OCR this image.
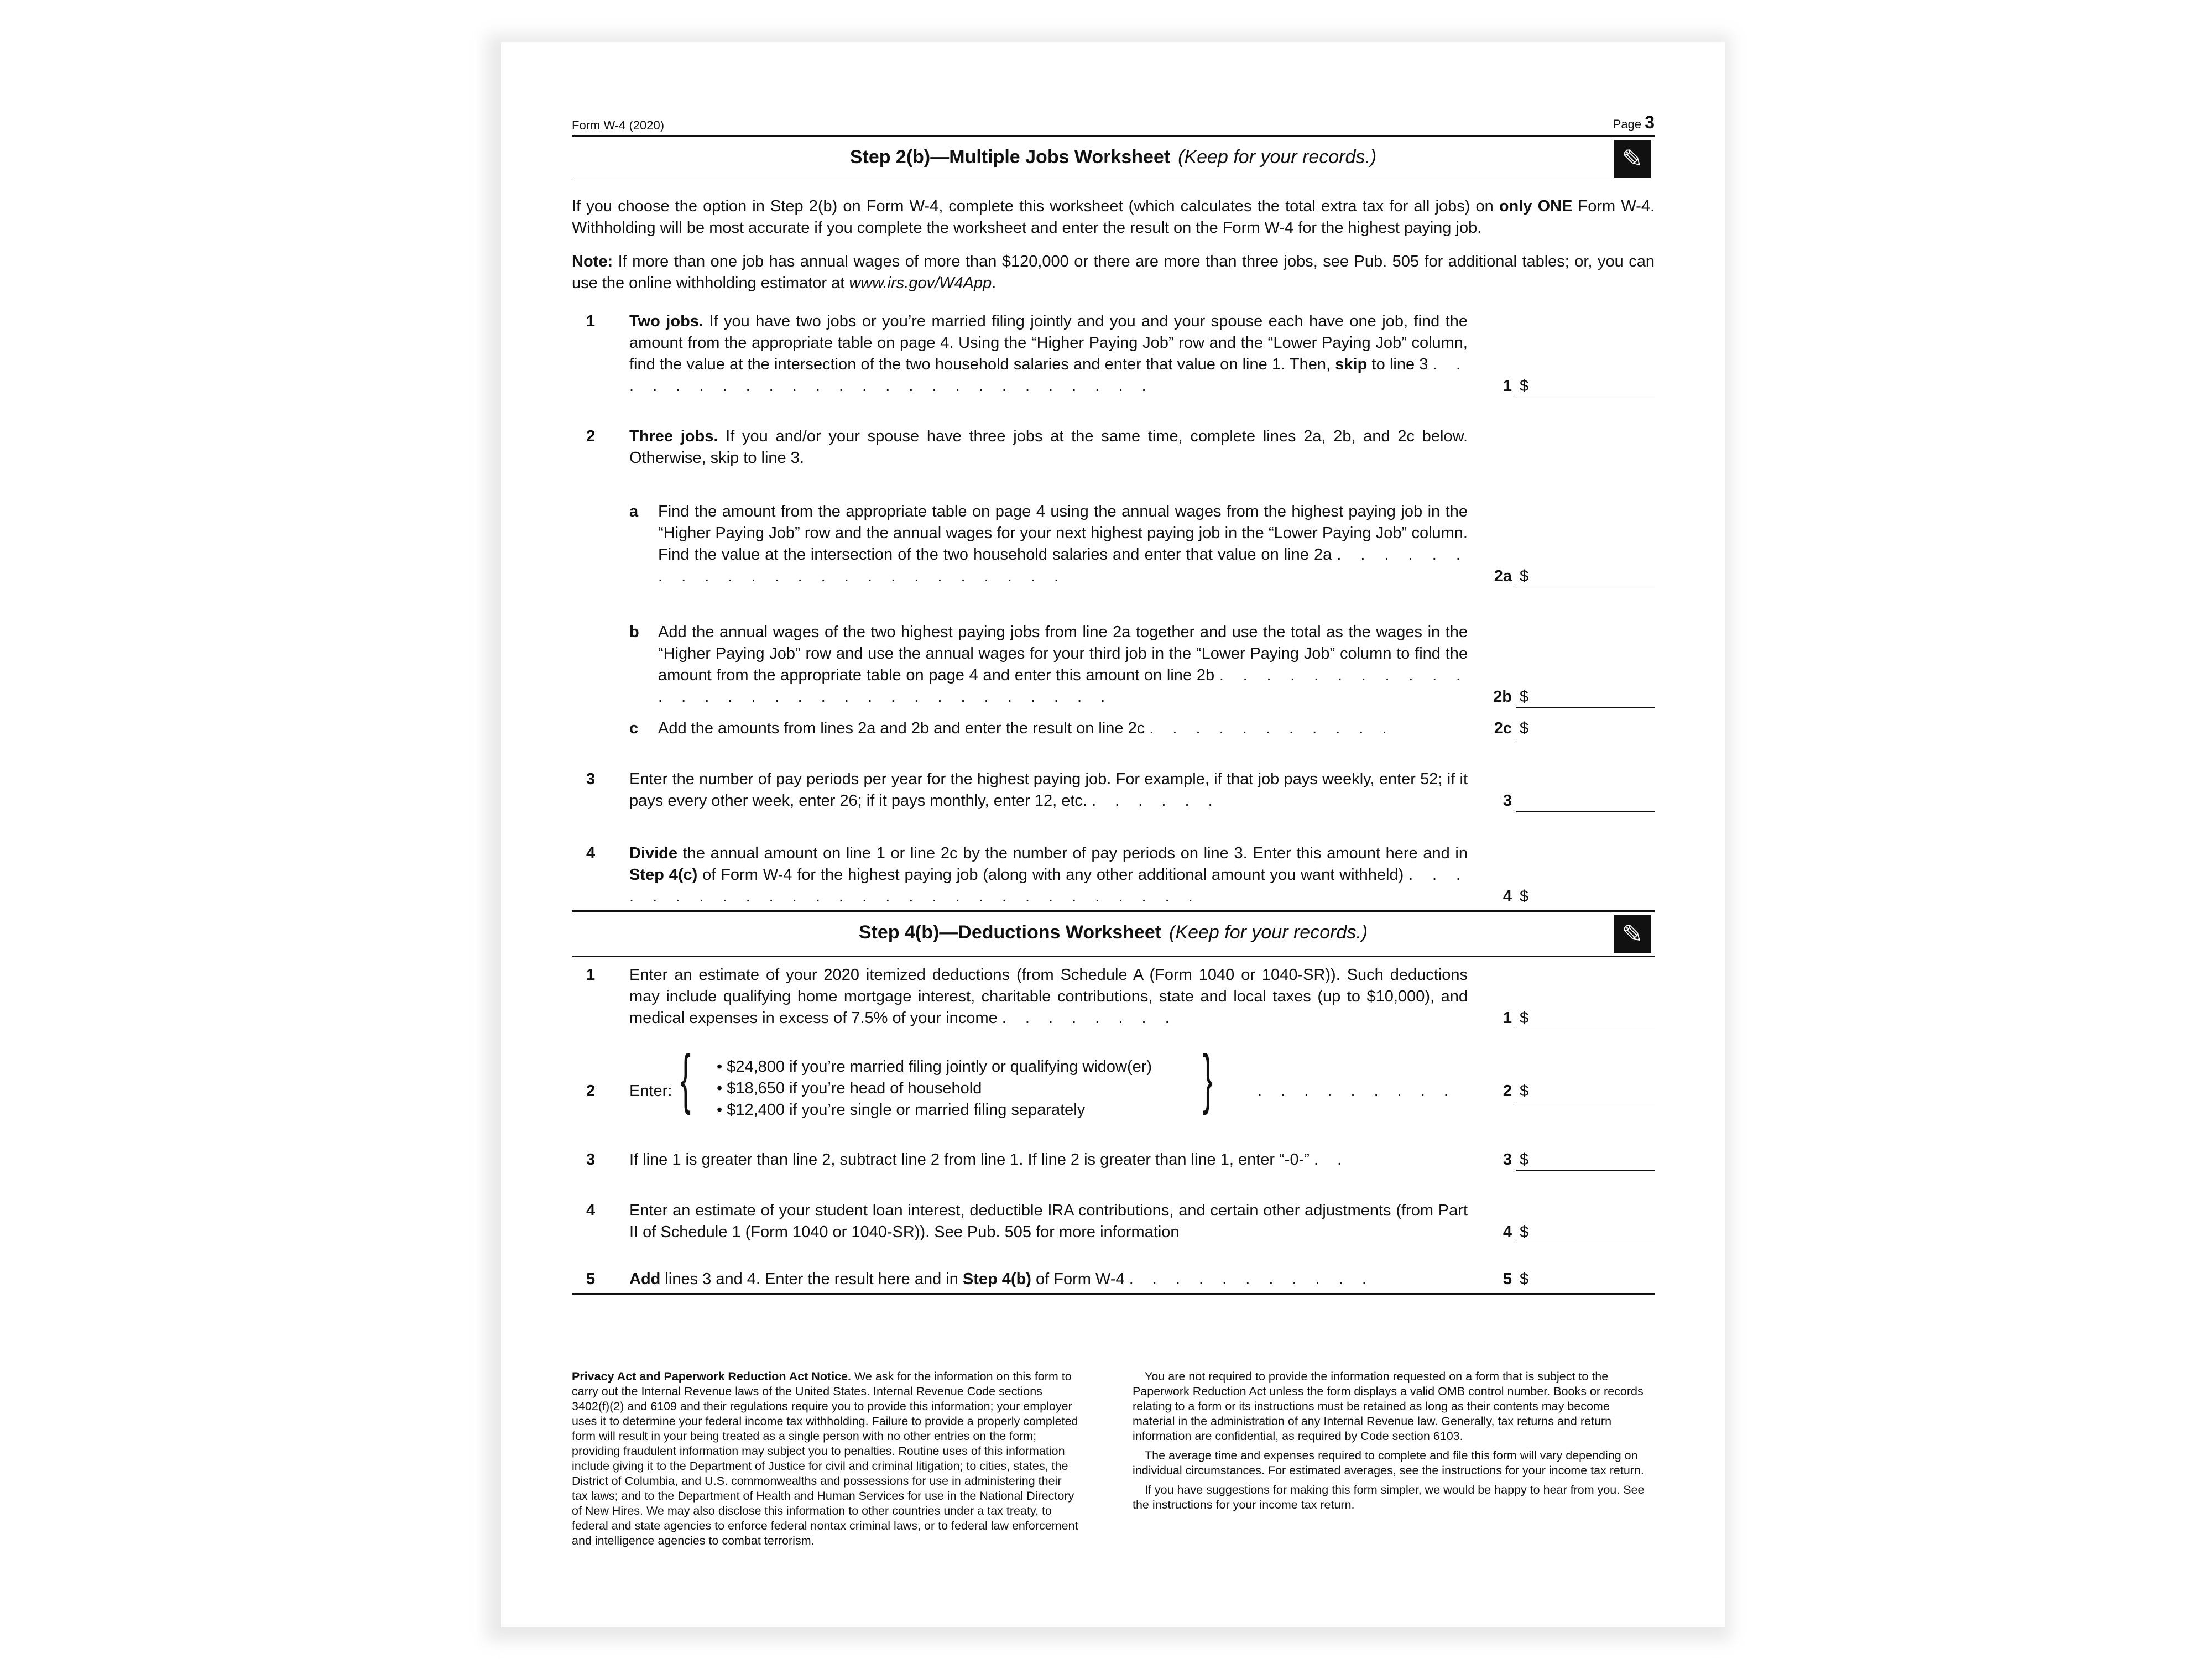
Form W-4 (2020)	Page 3
Step 2(b)—Multiple Jobs Worksheet (Keep for your records.)	✎

If you choose the option in Step 2(b) on Form W-4, complete this worksheet (which calculates the total extra tax for all jobs) on only ONE Form W-4. Withholding will be most accurate if you complete the worksheet and enter the result on the Form W-4 for the highest paying job.

Note: If more than one job has annual wages of more than $120,000 or there are more than three jobs, see Pub. 505 for additional tables; or, you can use the online withholding estimator at www.irs.gov/W4App.

1 Two jobs. If you have two jobs or you’re married filing jointly and you and your spouse each have one job, find the amount from the appropriate table on page 4. Using the “Higher Paying Job” row and the “Lower Paying Job” column, find the value at the intersection of the two household salaries and enter that value on line 1. Then, skip to line 3 . . . . . . . . . . . . . . . . . . . . . . . . .	1 $
2 Three jobs. If you and/or your spouse have three jobs at the same time, complete lines 2a, 2b, and 2c below. Otherwise, skip to line 3.
a Find the amount from the appropriate table on page 4 using the annual wages from the highest paying job in the “Higher Paying Job” row and the annual wages for your next highest paying job in the “Lower Paying Job” column. Find the value at the intersection of the two household salaries and enter that value on line 2a . . . . . . . . . . . . . . . . . . . . . . . .	2a $
b Add the annual wages of the two highest paying jobs from line 2a together and use the total as the wages in the “Higher Paying Job” row and use the annual wages for your third job in the “Lower Paying Job” column to find the amount from the appropriate table on page 4 and enter this amount on line 2b . . . . . . . . . . . . . . . . . . . . . . . . . . . . . . .	2b $
c Add the amounts from lines 2a and 2b and enter the result on line 2c . . . . . . . . . . .	2c $
3 Enter the number of pay periods per year for the highest paying job. For example, if that job pays weekly, enter 52; if it pays every other week, enter 26; if it pays monthly, enter 12, etc. . . . . . .	3
4 Divide the annual amount on line 1 or line 2c by the number of pay periods on line 3. Enter this amount here and in Step 4(c) of Form W-4 for the highest paying job (along with any other additional amount you want withheld) . . . . . . . . . . . . . . . . . . . . . . . . . . . .	4 $
Step 4(b)—Deductions Worksheet (Keep for your records.)	✎
1 Enter an estimate of your 2020 itemized deductions (from Schedule A (Form 1040 or 1040-SR)). Such deductions may include qualifying home mortgage interest, charitable contributions, state and local taxes (up to $10,000), and medical expenses in excess of 7.5% of your income . . . . . . . .	1 $
2 Enter: { • $24,800 if you’re married filing jointly or qualifying widow(er)
• $18,650 if you’re head of household
• $12,400 if you’re single or married filing separately	}	. . . . . . . . .	2 $
3 If line 1 is greater than line 2, subtract line 2 from line 1. If line 2 is greater than line 1, enter “-0-” . .	3 $
4 Enter an estimate of your student loan interest, deductible IRA contributions, and certain other adjustments (from Part II of Schedule 1 (Form 1040 or 1040-SR)). See Pub. 505 for more information	4 $
5 Add lines 3 and 4. Enter the result here and in Step 4(b) of Form W-4 . . . . . . . . . . .	5 $

Privacy Act and Paperwork Reduction Act Notice. We ask for the information on this form to carry out the Internal Revenue laws of the United States. Internal Revenue Code sections 3402(f)(2) and 6109 and their regulations require you to provide this information; your employer uses it to determine your federal income tax withholding. Failure to provide a properly completed form will result in your being treated as a single person with no other entries on the form; providing fraudulent information may subject you to penalties. Routine uses of this information include giving it to the Department of Justice for civil and criminal litigation; to cities, states, the District of Columbia, and U.S. commonwealths and possessions for use in administering their tax laws; and to the Department of Health and Human Services for use in the National Directory of New Hires. We may also disclose this information to other countries under a tax treaty, to federal and state agencies to enforce federal nontax criminal laws, or to federal law enforcement and intelligence agencies to combat terrorism.

You are not required to provide the information requested on a form that is subject to the Paperwork Reduction Act unless the form displays a valid OMB control number. Books or records relating to a form or its instructions must be retained as long as their contents may become material in the administration of any Internal Revenue law. Generally, tax returns and return information are confidential, as required by Code section 6103.

The average time and expenses required to complete and file this form will vary depending on individual circumstances. For estimated averages, see the instructions for your income tax return.

If you have suggestions for making this form simpler, we would be happy to hear from you. See the instructions for your income tax return.
